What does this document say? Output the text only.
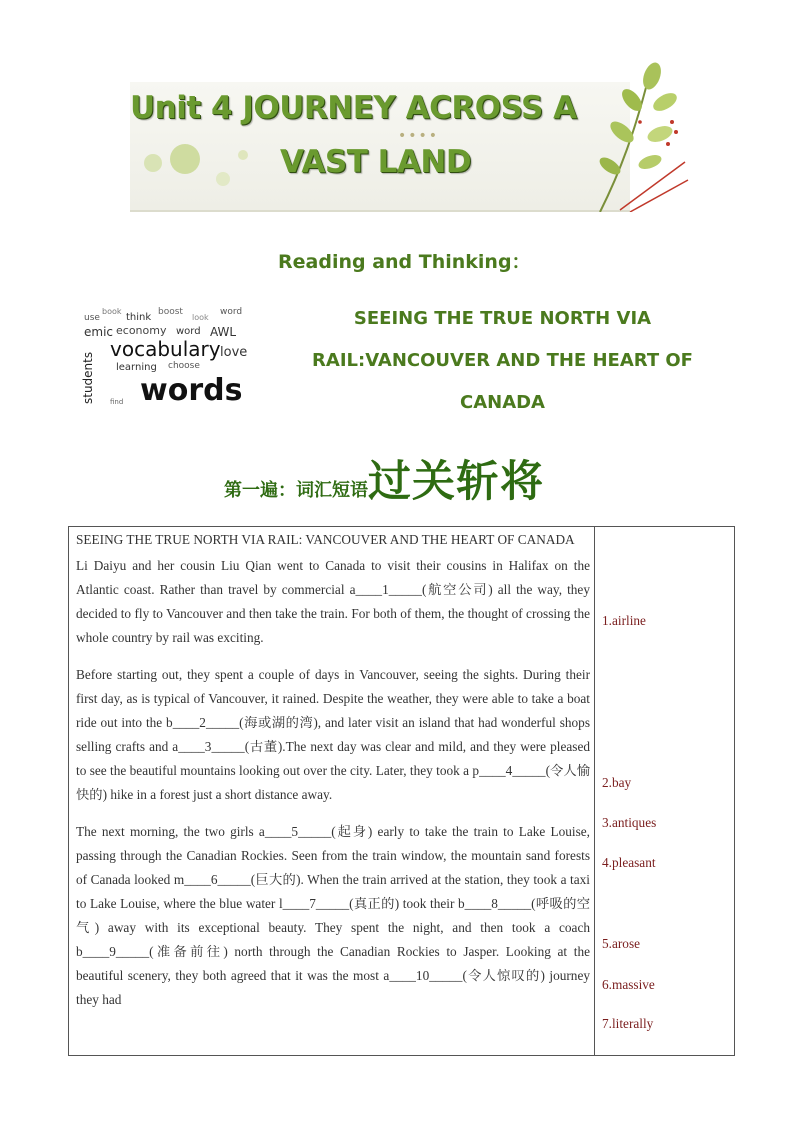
Unit 4 JOURNEY ACROSS A
••••
VAST LAND
Reading and Thinking：
use
book
think boost
look
word
emic economy word AWL
vocabulary love
learning choose
students words
find
SEEING THE TRUE NORTH VIA RAIL:VANCOUVER AND THE HEART OF CANADA
第一遍：词汇短语过关斩将

SEEING THE TRUE NORTH VIA RAIL: VANCOUVER AND THE HEART OF CANADA

Li Daiyu and her cousin Liu Qian went to Canada to visit their cousins in Halifax on the Atlantic coast. Rather than travel by commercial a____1_____(航空公司) all the way, they decided to fly to Vancouver and then take the train. For both of them, the thought of crossing the whole country by rail was exciting.

Before starting out, they spent a couple of days in Vancouver, seeing the sights. During their first day, as is typical of Vancouver, it rained. Despite the weather, they were able to take a boat ride out into the b____2_____(海或湖的湾), and later visit an island that had wonderful shops selling crafts and a____3_____(古董).The next day was clear and mild, and they were pleased to see the beautiful mountains looking out over the city. Later, they took a p____4_____(令人愉快的) hike in a forest just a short distance away.

The next morning, the two girls a____5_____(起身) early to take the train to Lake Louise, passing through the Canadian Rockies. Seen from the train window, the mountain sand forests of Canada looked m____6_____(巨大的). When the train arrived at the station, they took a taxi to Lake Louise, where the blue water l____7_____(真正的) took their b____8_____(呼吸的空气) away with its exceptional beauty. They spent the night, and then took a coach b____9_____(准备前往) north through the Canadian Rockies to Jasper. Looking at the beautiful scenery, they both agreed that it was the most a____10_____(令人惊叹的) journey they had

1.airline
2.bay
3.antiques
4.pleasant
5.arose
6.massive
7.literally
